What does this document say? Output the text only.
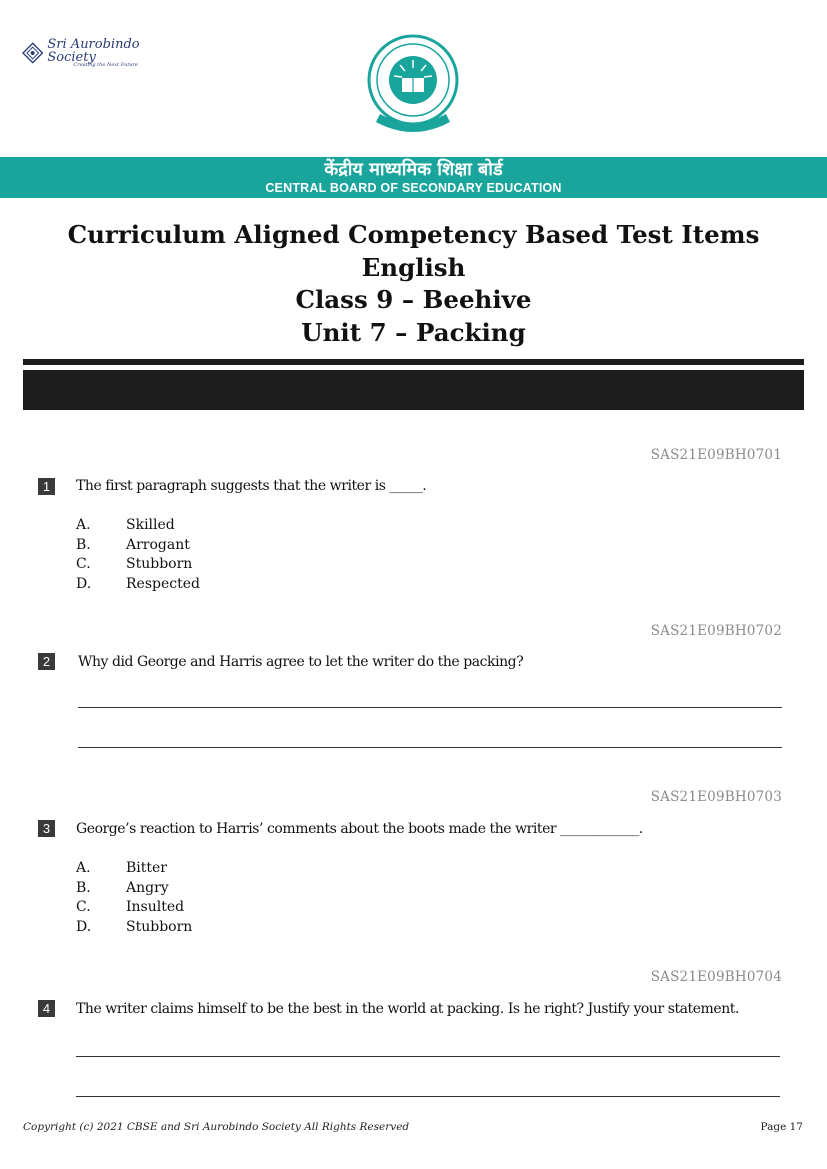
Sri Aurobindo Society
Creating the Next Future
केंद्रीय माध्यमिक शिक्षा बोर्ड
CENTRAL BOARD OF SECONDARY EDUCATION
Curriculum Aligned Competency Based Test Items
English
Class 9 – Beehive
Unit 7 – Packing
SAS21E09BH0701
1	The first paragraph suggests that the writer is _____.
A.	Skilled
B.	Arrogant
C.	Stubborn
D.	Respected
SAS21E09BH0702
2	Why did George and Harris agree to let the writer do the packing?
SAS21E09BH0703
3	George’s reaction to Harris’ comments about the boots made the writer ____________.
A.	Bitter
B.	Angry
C.	Insulted
D.	Stubborn
SAS21E09BH0704
4	The writer claims himself to be the best in the world at packing. Is he right? Justify your statement.
Copyright (c) 2021 CBSE and Sri Aurobindo Society All Rights Reserved	Page 17
